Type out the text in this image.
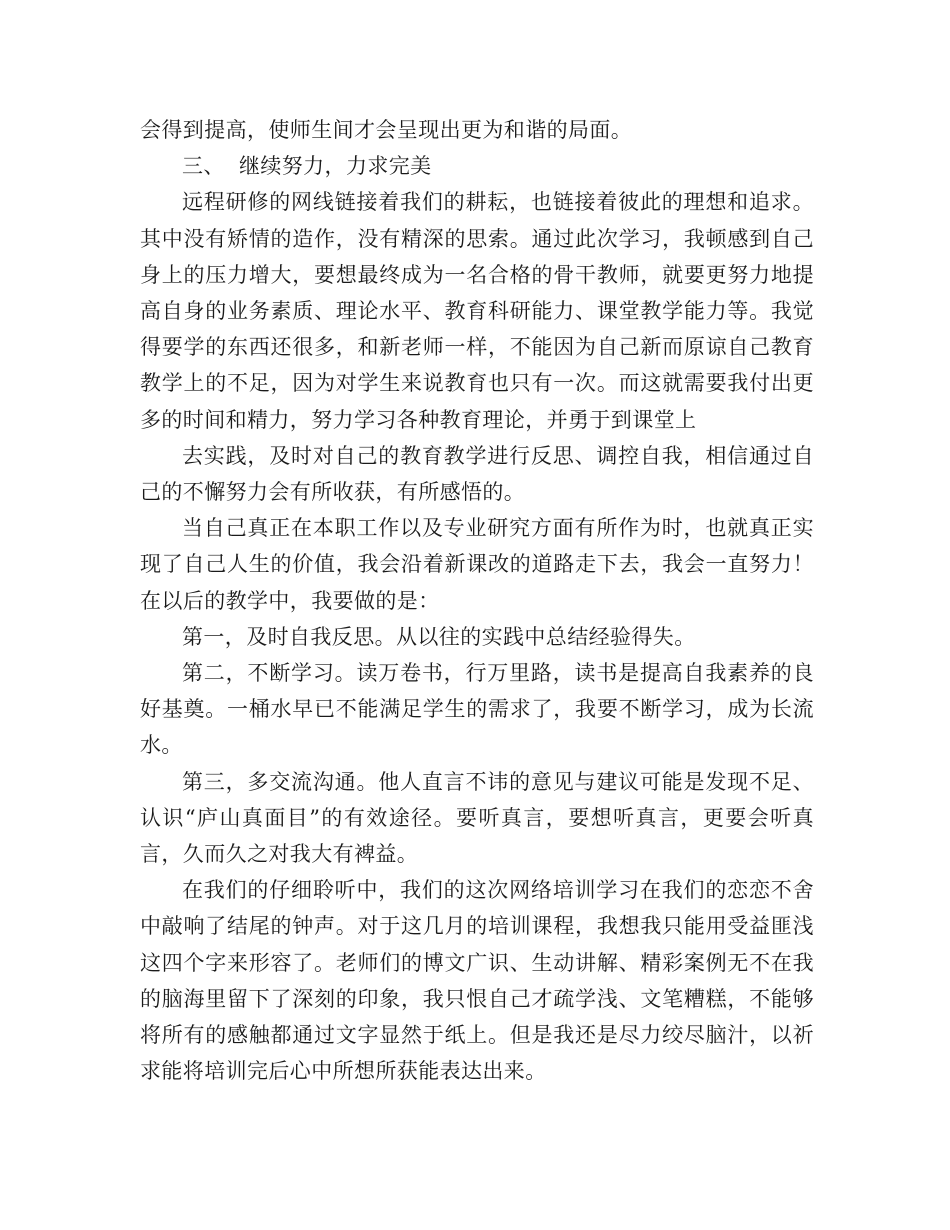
会得到提高，使师生间才会呈现出更为和谐的局面。

三、  继续努力，力求完美

远程研修的网线链接着我们的耕耘，也链接着彼此的理想和追求。其中没有矫情的造作，没有精深的思索。通过此次学习，我顿感到自己身上的压力增大，要想最终成为一名合格的骨干教师，就要更努力地提高自身的业务素质、理论水平、教育科研能力、课堂教学能力等。我觉得要学的东西还很多，和新老师一样，不能因为自己新而原谅自己教育教学上的不足，因为对学生来说教育也只有一次。而这就需要我付出更多的时间和精力，努力学习各种教育理论，并勇于到课堂上

去实践，及时对自己的教育教学进行反思、调控自我，相信通过自己的不懈努力会有所收获，有所感悟的。

当自己真正在本职工作以及专业研究方面有所作为时，也就真正实现了自己人生的价值，我会沿着新课改的道路走下去，我会一直努力！在以后的教学中，我要做的是：

第一，及时自我反思。从以往的实践中总结经验得失。

第二，不断学习。读万卷书，行万里路，读书是提高自我素养的良好基奠。一桶水早已不能满足学生的需求了，我要不断学习，成为长流水。

第三，多交流沟通。他人直言不讳的意见与建议可能是发现不足、认识“庐山真面目”的有效途径。要听真言，要想听真言，更要会听真言，久而久之对我大有裨益。

在我们的仔细聆听中，我们的这次网络培训学习在我们的恋恋不舍中敲响了结尾的钟声。对于这几月的培训课程，我想我只能用受益匪浅这四个字来形容了。老师们的博文广识、生动讲解、精彩案例无不在我的脑海里留下了深刻的印象，我只恨自己才疏学浅、文笔糟糕，不能够将所有的感触都通过文字显然于纸上。但是我还是尽力绞尽脑汁，以祈求能将培训完后心中所想所获能表达出来。
